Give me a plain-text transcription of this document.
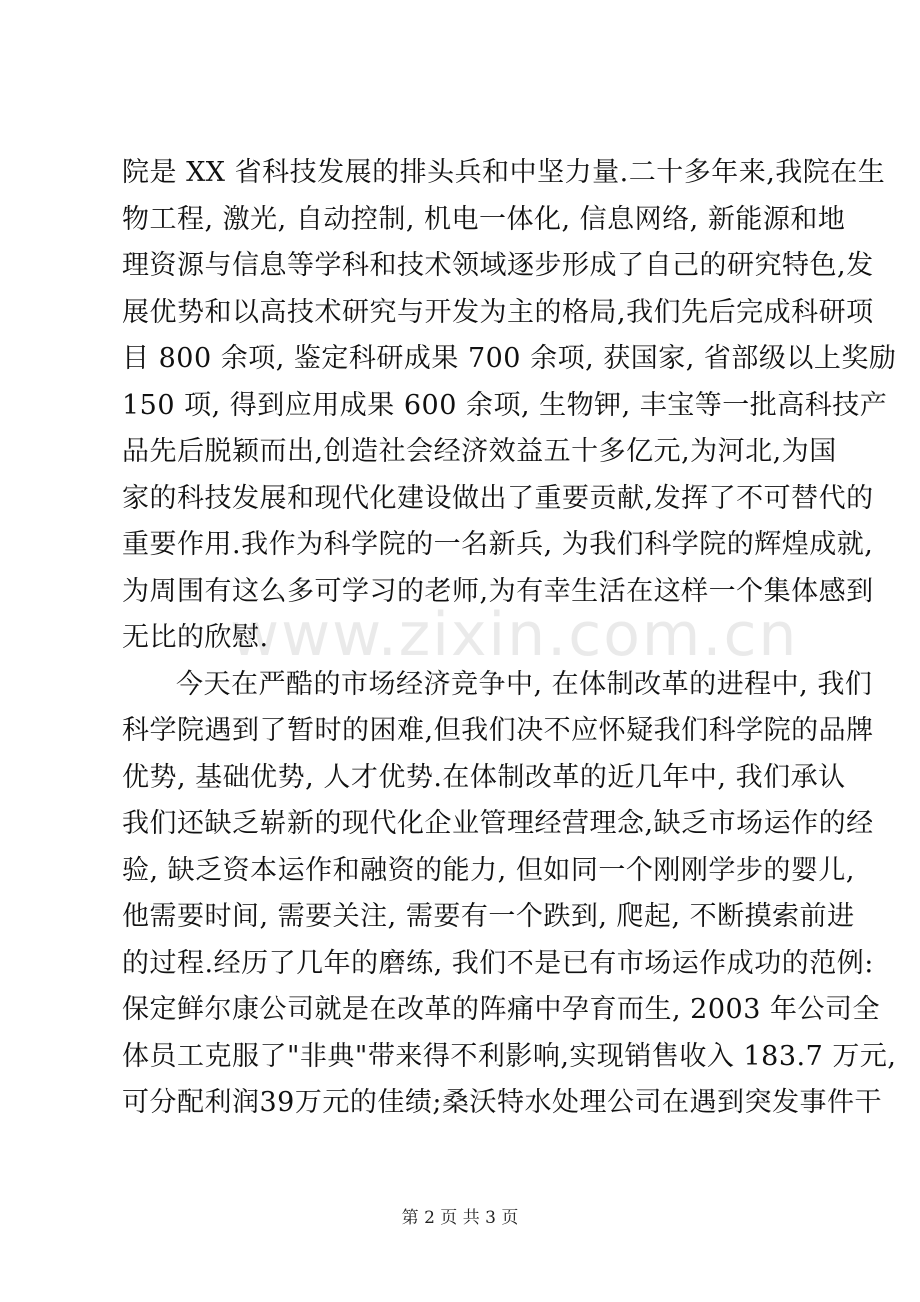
www.zixin.com.cn
院是 XX 省科技发展的排头兵和中坚力量.二十多年来,我院在生
物工程, 激光, 自动控制, 机电一体化, 信息网络, 新能源和地
理资源与信息等学科和技术领域逐步形成了自己的研究特色,发
展优势和以高技术研究与开发为主的格局,我们先后完成科研项
目 800 余项, 鉴定科研成果 700 余项, 获国家, 省部级以上奖励
150 项, 得到应用成果 600 余项, 生物钾, 丰宝等一批高科技产
品先后脱颖而出,创造社会经济效益五十多亿元,为河北,为国
家的科技发展和现代化建设做出了重要贡献,发挥了不可替代的
重要作用.我作为科学院的一名新兵, 为我们科学院的辉煌成就,
为周围有这么多可学习的老师,为有幸生活在这样一个集体感到
无比的欣慰.
今天在严酷的市场经济竞争中, 在体制改革的进程中, 我们
科学院遇到了暂时的困难,但我们决不应怀疑我们科学院的品牌
优势, 基础优势, 人才优势.在体制改革的近几年中, 我们承认
我们还缺乏崭新的现代化企业管理经营理念,缺乏市场运作的经
验, 缺乏资本运作和融资的能力, 但如同一个刚刚学步的婴儿,
他需要时间, 需要关注, 需要有一个跌到, 爬起, 不断摸索前进
的过程.经历了几年的磨练, 我们不是已有市场运作成功的范例:
保定鲜尔康公司就是在改革的阵痛中孕育而生, 2003 年公司全
体员工克服了"非典"带来得不利影响,实现销售收入 183.7 万元,
可分配利润39万元的佳绩;桑沃特水处理公司在遇到突发事件干
第 2 页 共 3 页
